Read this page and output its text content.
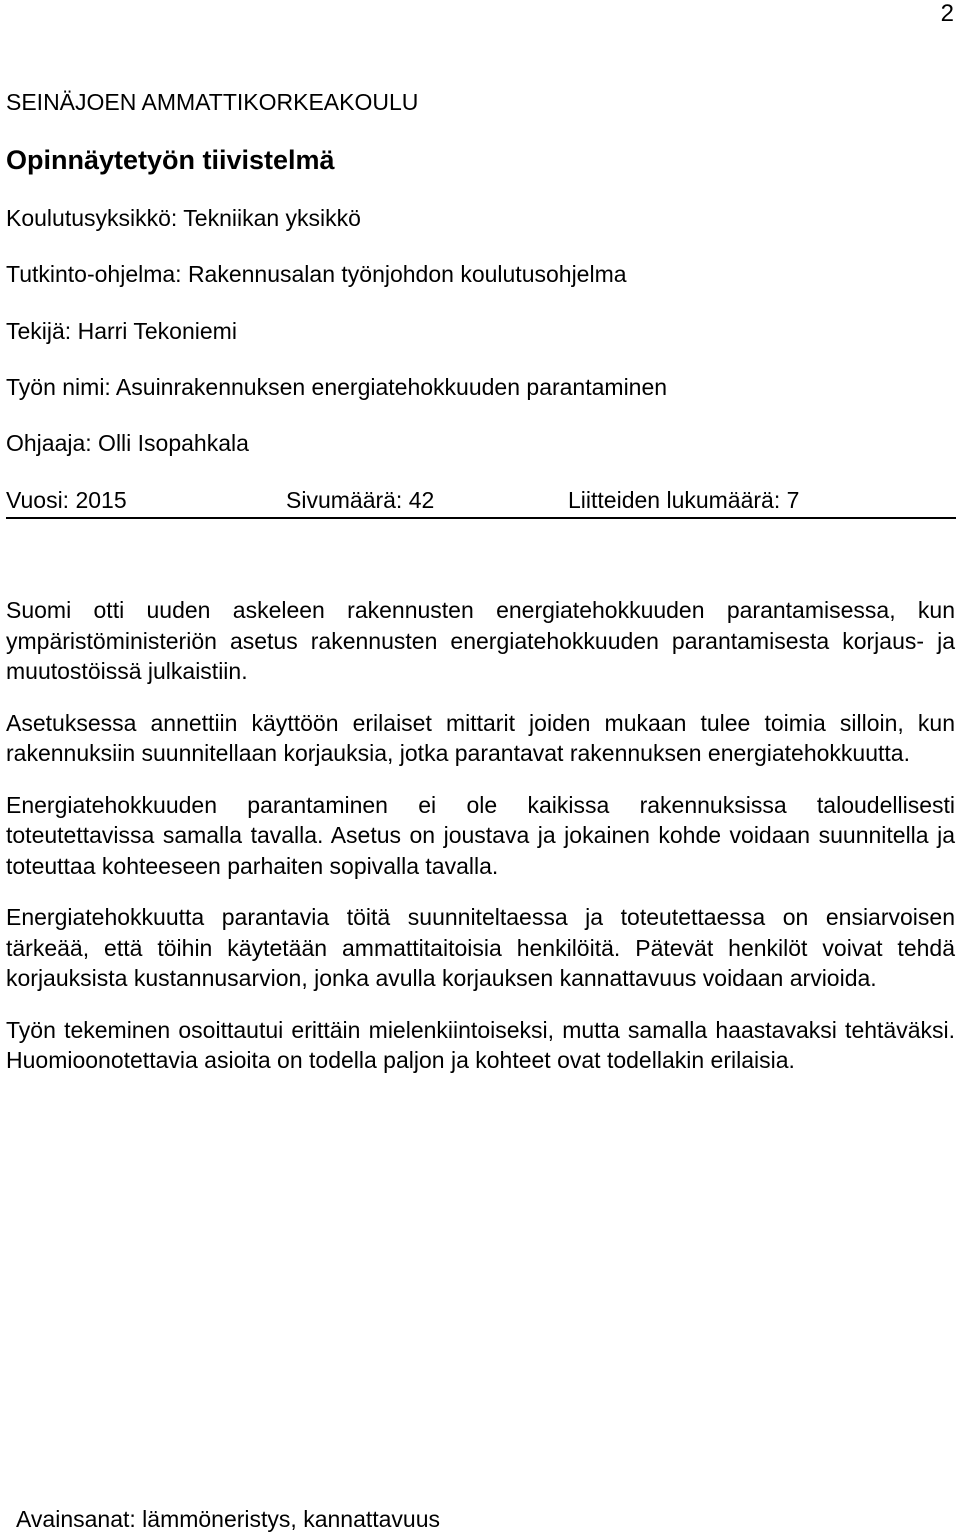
2
SEINÄJOEN AMMATTIKORKEAKOULU
Opinnäytetyön tiivistelmä
Koulutusyksikkö: Tekniikan yksikkö
Tutkinto-ohjelma: Rakennusalan työnjohdon koulutusohjelma
Tekijä: Harri Tekoniemi
Työn nimi: Asuinrakennuksen energiatehokkuuden parantaminen
Ohjaaja: Olli Isopahkala
Vuosi: 2015	Sivumäärä: 42	Liitteiden lukumäärä: 7

Suomi otti uuden askeleen rakennusten energiatehokkuuden parantamisessa, kun ympäristöministeriön asetus rakennusten energiatehokkuuden parantamisesta korjaus- ja muutostöissä julkaistiin.

Asetuksessa annettiin käyttöön erilaiset mittarit joiden mukaan tulee toimia silloin, kun rakennuksiin suunnitellaan korjauksia, jotka parantavat rakennuksen energiatehokkuutta.

Energiatehokkuuden parantaminen ei ole kaikissa rakennuksissa taloudellisesti toteutettavissa samalla tavalla. Asetus on joustava ja jokainen kohde voidaan suunnitella ja toteuttaa kohteeseen parhaiten sopivalla tavalla.

Energiatehokkuutta parantavia töitä suunniteltaessa ja toteutettaessa on ensiarvoisen tärkeää, että töihin käytetään ammattitaitoisia henkilöitä. Pätevät henkilöt voivat tehdä korjauksista kustannusarvion, jonka avulla korjauksen kannattavuus voidaan arvioida.

Työn tekeminen osoittautui erittäin mielenkiintoiseksi, mutta samalla haastavaksi tehtäväksi. Huomioonotettavia asioita on todella paljon ja kohteet ovat todellakin erilaisia.

Avainsanat: lämmöneristys, kannattavuus
